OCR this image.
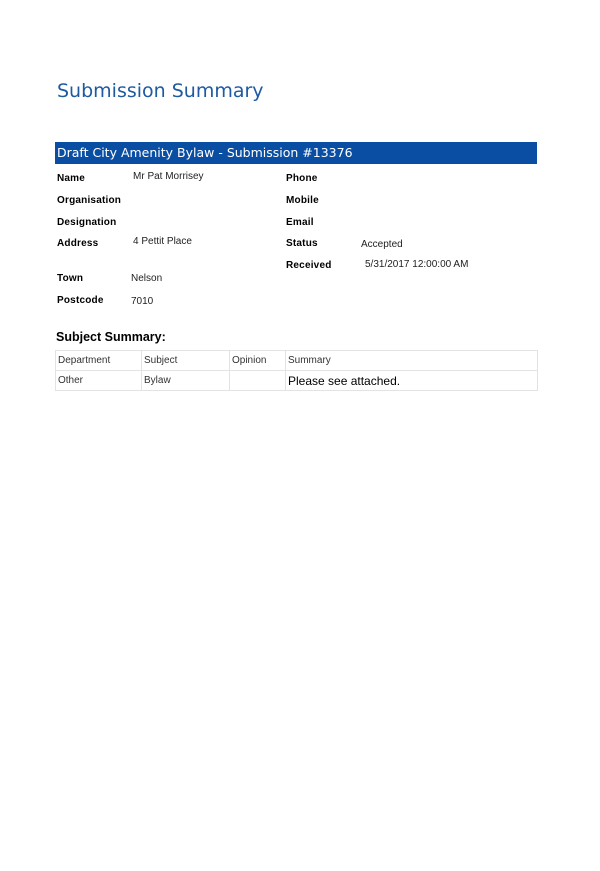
Submission Summary
Draft City Amenity Bylaw - Submission #13376
Name	Mr Pat Morrisey
Organisation
Designation
Address	4 Pettit Place
Town	Nelson
Postcode	7010
Phone
Mobile
Email
Status	Accepted
Received	5/31/2017 12:00:00 AM
Subject Summary:
Department	Subject	Opinion	Summary
Other	Bylaw		Please see attached.
